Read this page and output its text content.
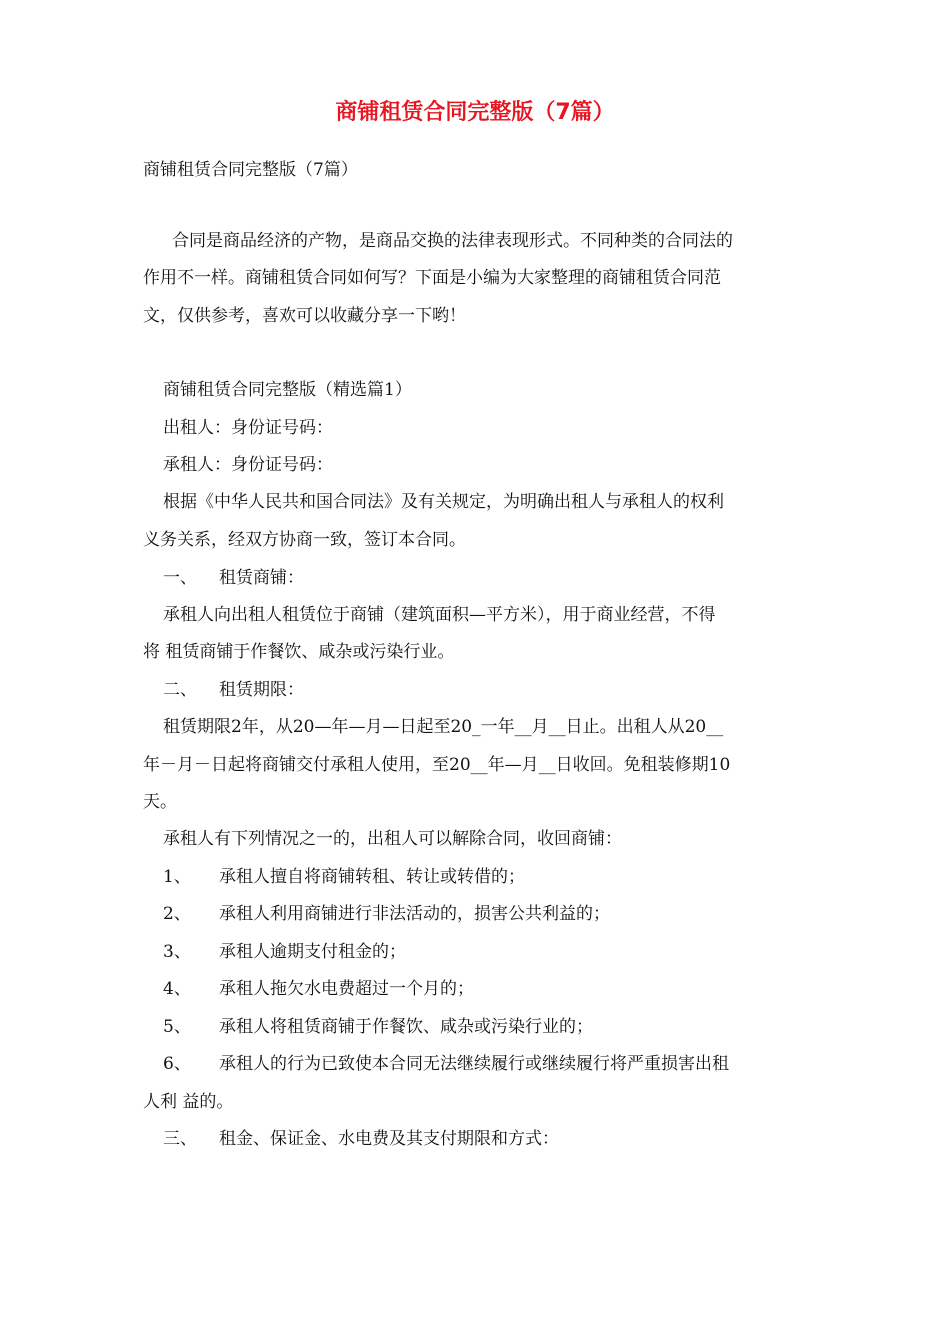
商铺租赁合同完整版（7篇）
商铺租赁合同完整版（7篇）
合同是商品经济的产物，是商品交换的法律表现形式。不同种类的合同法的
作用不一样。商铺租赁合同如何写？下面是小编为大家整理的商铺租赁合同范
文，仅供参考，喜欢可以收藏分享一下哟！
商铺租赁合同完整版（精选篇1）
出租人：身份证号码：
承租人：身份证号码：
根据《中华人民共和国合同法》及有关规定，为明确出租人与承租人的权利
义务关系，经双方协商一致，签订本合同。
一、 租赁商铺：
承租人向出租人租赁位于商铺（建筑面积—平方米），用于商业经营，不得
将 租赁商铺于作餐饮、咸杂或污染行业。
二、 租赁期限：
租赁期限2年，从20—年—月—日起至20_一年__月__日止。出租人从20__
年－月－日起将商铺交付承租人使用，至20__年—月__日收回。免租装修期10
天。
承租人有下列情况之一的，出租人可以解除合同，收回商铺：
1、 承租人擅自将商铺转租、转让或转借的；
2、 承租人利用商铺进行非法活动的，损害公共利益的；
3、 承租人逾期支付租金的；
4、 承租人拖欠水电费超过一个月的；
5、 承租人将租赁商铺于作餐饮、咸杂或污染行业的；
6、 承租人的行为已致使本合同无法继续履行或继续履行将严重损害出租
人利 益的。
三、 租金、保证金、水电费及其支付期限和方式：
